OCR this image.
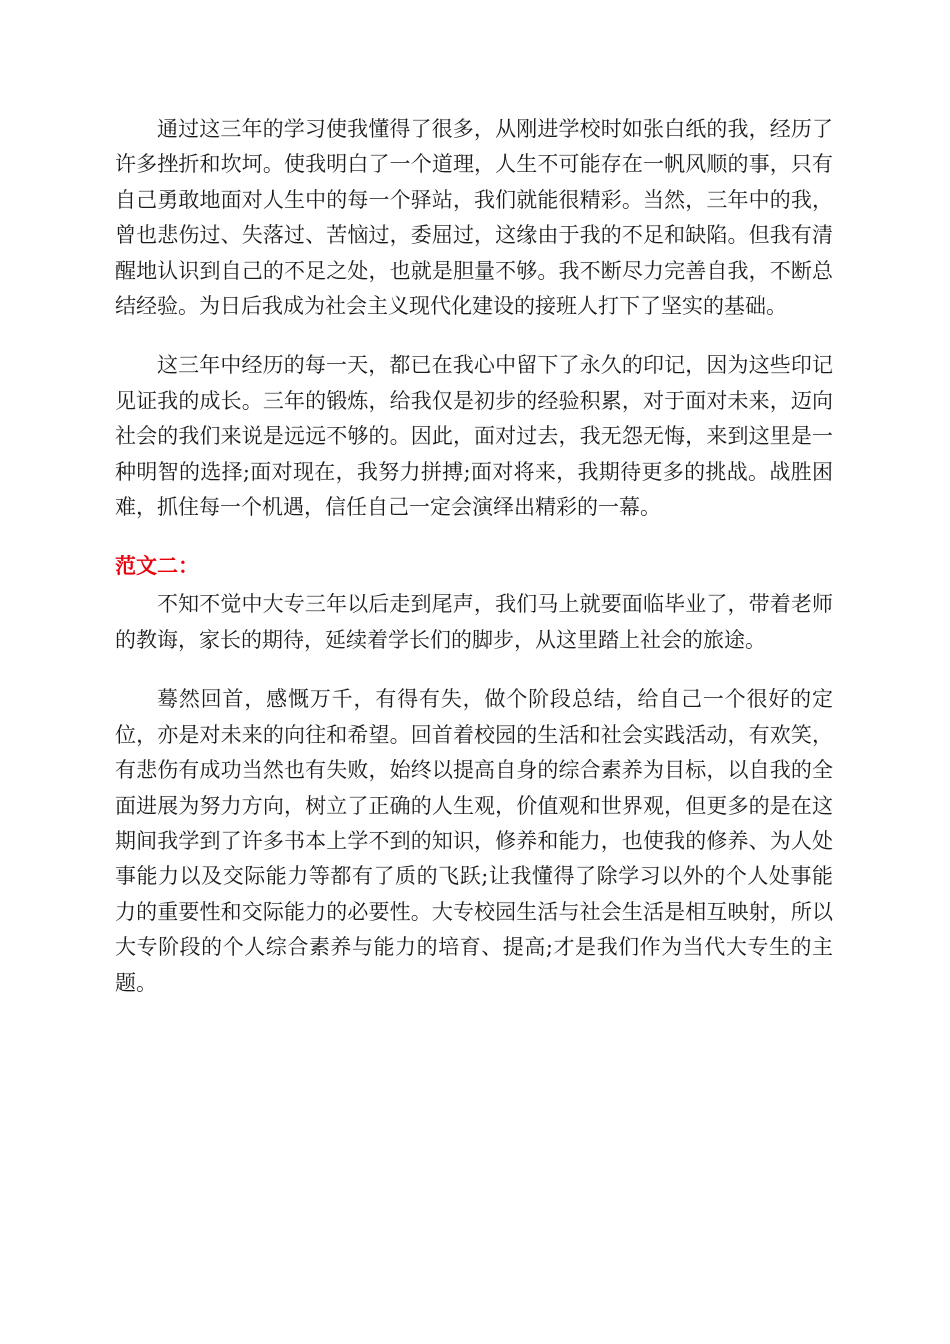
通过这三年的学习使我懂得了很多，从刚进学校时如张白纸的我，经历了许多挫折和坎坷。使我明白了一个道理，人生不可能存在一帆风顺的事，只有自己勇敢地面对人生中的每一个驿站，我们就能很精彩。当然，三年中的我，曾也悲伤过、失落过、苦恼过，委屈过，这缘由于我的不足和缺陷。但我有清醒地认识到自己的不足之处，也就是胆量不够。我不断尽力完善自我，不断总结经验。为日后我成为社会主义现代化建设的接班人打下了坚实的基础。

这三年中经历的每一天，都已在我心中留下了永久的印记，因为这些印记见证我的成长。三年的锻炼，给我仅是初步的经验积累，对于面对未来，迈向社会的我们来说是远远不够的。因此，面对过去，我无怨无悔，来到这里是一种明智的选择;面对现在，我努力拼搏;面对将来，我期待更多的挑战。战胜困难，抓住每一个机遇，信任自己一定会演绎出精彩的一幕。

范文二：

不知不觉中大专三年以后走到尾声，我们马上就要面临毕业了，带着老师的教诲，家长的期待，延续着学长们的脚步，从这里踏上社会的旅途。

蓦然回首，感慨万千，有得有失，做个阶段总结，给自己一个很好的定位，亦是对未来的向往和希望。回首着校园的生活和社会实践活动，有欢笑，有悲伤有成功当然也有失败，始终以提高自身的综合素养为目标，以自我的全面进展为努力方向，树立了正确的人生观，价值观和世界观，但更多的是在这期间我学到了许多书本上学不到的知识，修养和能力，也使我的修养、为人处事能力以及交际能力等都有了质的飞跃;让我懂得了除学习以外的个人处事能力的重要性和交际能力的必要性。大专校园生活与社会生活是相互映射，所以大专阶段的个人综合素养与能力的培育、提高;才是我们作为当代大专生的主题。
